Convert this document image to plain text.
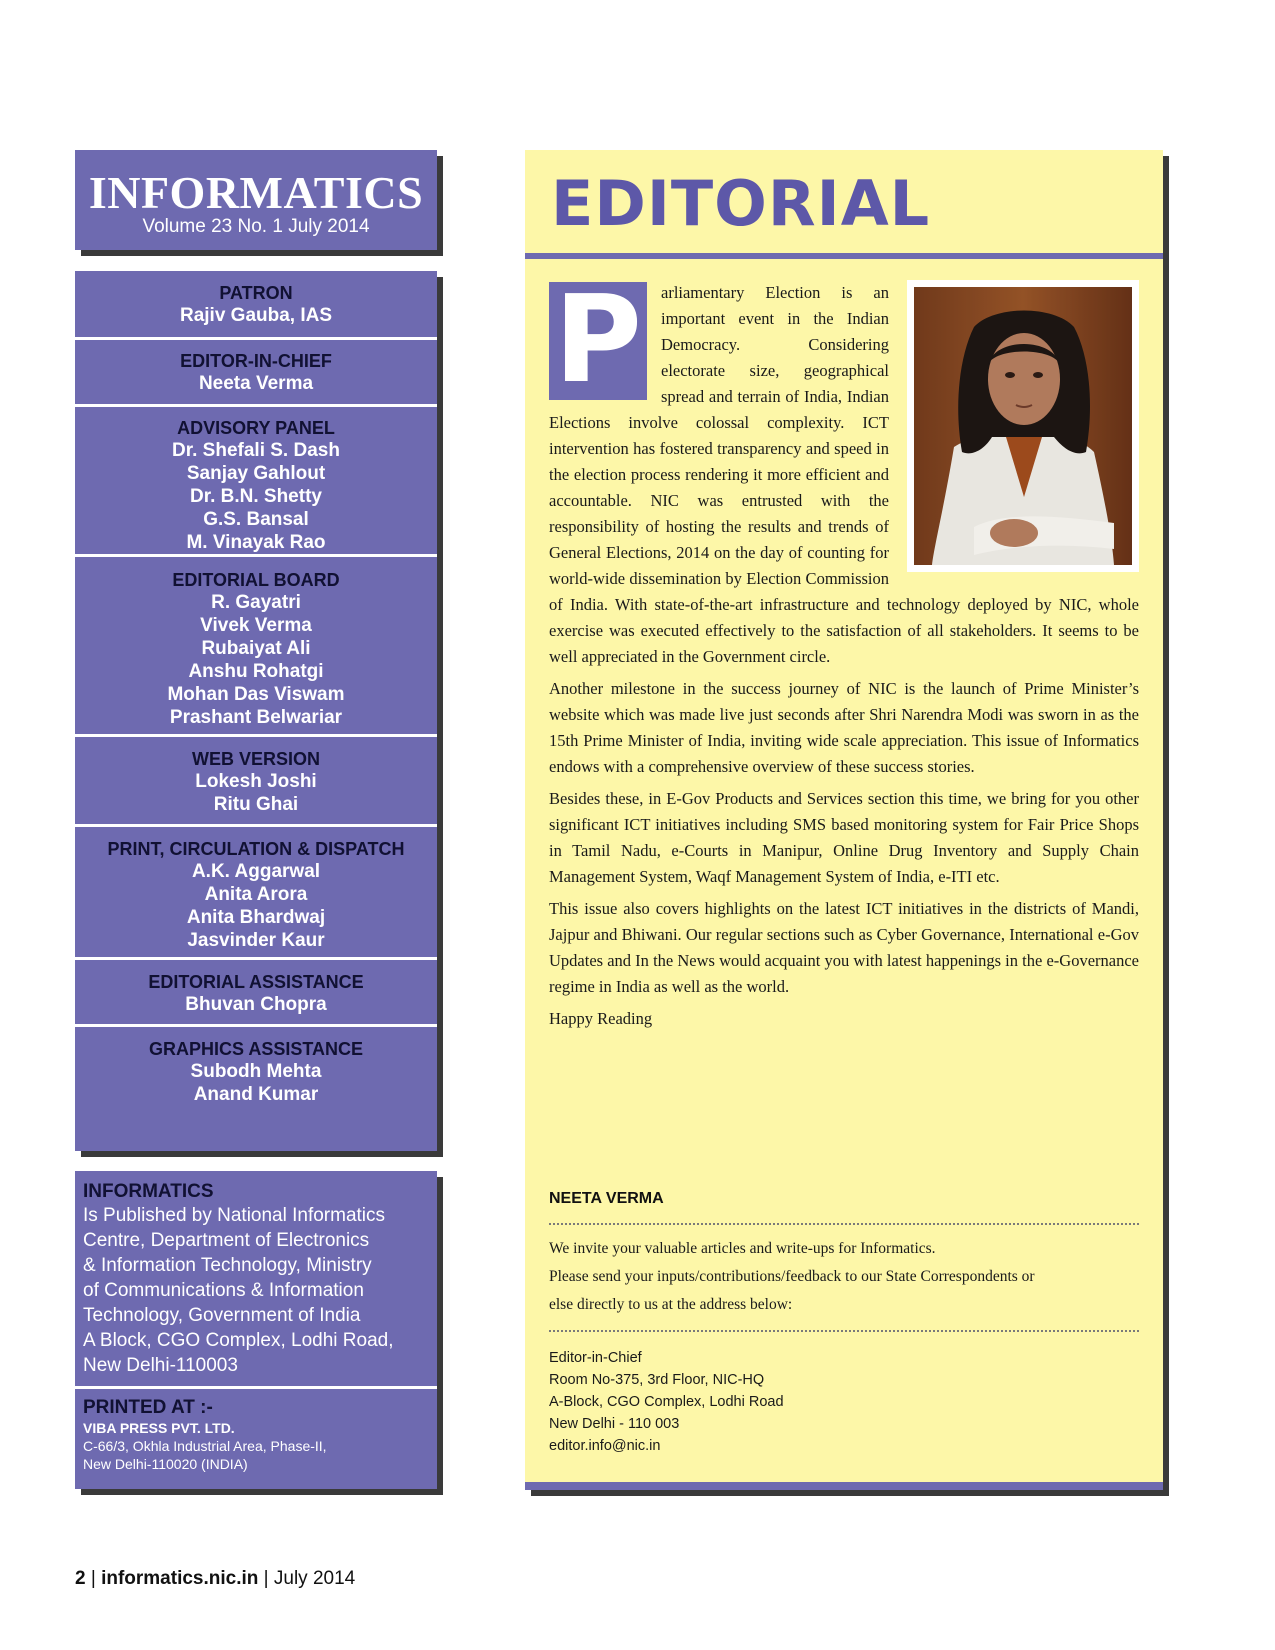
INFORMATICS
Volume 23 No. 1 July 2014
PATRON
Rajiv Gauba, IAS
EDITOR-IN-CHIEF
Neeta Verma
ADVISORY PANEL
Dr. Shefali S. Dash
Sanjay Gahlout
Dr. B.N. Shetty
G.S. Bansal
M. Vinayak Rao
EDITORIAL BOARD
R. Gayatri
Vivek Verma
Rubaiyat Ali
Anshu Rohatgi
Mohan Das Viswam
Prashant Belwariar
WEB VERSION
Lokesh Joshi
Ritu Ghai
PRINT, CIRCULATION & DISPATCH
A.K. Aggarwal
Anita Arora
Anita Bhardwaj
Jasvinder Kaur
EDITORIAL ASSISTANCE
Bhuvan Chopra
GRAPHICS ASSISTANCE
Subodh Mehta
Anand Kumar
INFORMATICS
Is Published by National Informatics
Centre, Department of Electronics
& Information Technology, Ministry
of Communications & Information
Technology, Government of India
A Block, CGO Complex, Lodhi Road,
New Delhi-110003
PRINTED AT :-
VIBA PRESS PVT. LTD.
C-66/3, Okhla Industrial Area, Phase-II,
New Delhi-110020 (INDIA)
EDITORIAL

P	arliamentary Election is an important event in the Indian Democracy. Considering electorate size, geographical spread and terrain of India, Indian Elections involve colossal complexity. ICT intervention has fostered transparency and speed in the election process rendering it more efficient and accountable. NIC was entrusted with the responsibility of hosting the results and trends of General Elections, 2014 on the day of counting for world-wide dissemination by Election Commission of India. With state-of-the-art infrastructure and technology deployed by NIC, whole exercise was executed effectively to the satisfaction of all stakeholders. It seems to be well appreciated in the Government circle.

Another milestone in the success journey of NIC is the launch of Prime Minister’s website which was made live just seconds after Shri Narendra Modi was sworn in as the 15th Prime Minister of India, inviting wide scale appreciation. This issue of Informatics endows with a comprehensive overview of these success stories.

Besides these, in E-Gov Products and Services section this time, we bring for you other significant ICT initiatives including SMS based monitoring system for Fair Price Shops in Tamil Nadu, e-Courts in Manipur, Online Drug Inventory and Supply Chain Management System, Waqf Management System of India, e-ITI etc.

This issue also covers highlights on the latest ICT initiatives in the districts of Mandi, Jajpur and Bhiwani. Our regular sections such as Cyber Governance, International e-Gov Updates and In the News would acquaint you with latest happenings in the e-Governance regime in India as well as the world.

Happy Reading

NEETA VERMA
We invite your valuable articles and write-ups for Informatics.
Please send your inputs/contributions/feedback to our State Correspondents or
else directly to us at the address below:
Editor-in-Chief
Room No-375, 3rd Floor, NIC-HQ
A-Block, CGO Complex, Lodhi Road
New Delhi - 110 003
editor.info@nic.in
2 | informatics.nic.in | July 2014
